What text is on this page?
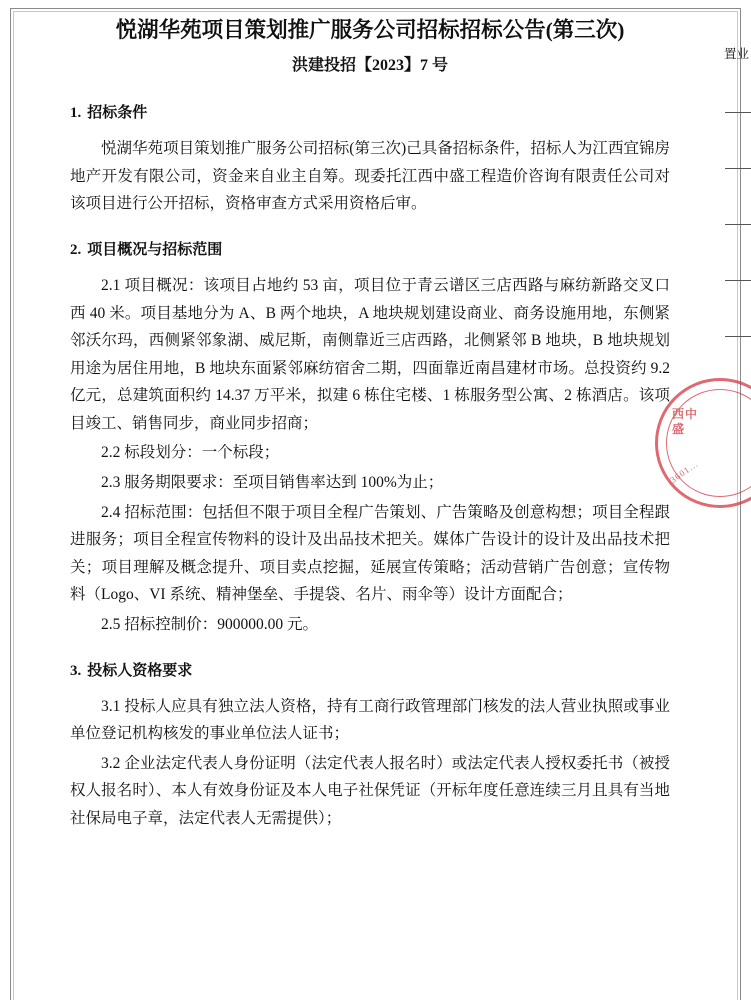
置业
西中盛
3601...
悦湖华苑项目策划推广服务公司招标招标公告(第三次)
洪建投招【2023】7 号
1. 招标条件

悦湖华苑项目策划推广服务公司招标(第三次)己具备招标条件，招标人为江西宜锦房地产开发有限公司，资金来自业主自筹。现委托江西中盛工程造价咨询有限责任公司对该项目进行公开招标，资格审查方式采用资格后审。

2. 项目概况与招标范围

2.1 项目概况：该项目占地约 53 亩，项目位于青云谱区三店西路与麻纺新路交叉口西 40 米。项目基地分为 A、B 两个地块，A 地块规划建设商业、商务设施用地，东侧紧邻沃尔玛，西侧紧邻象湖、威尼斯，南侧靠近三店西路，北侧紧邻 B 地块，B 地块规划用途为居住用地，B 地块东面紧邻麻纺宿舍二期，四面靠近南昌建材市场。总投资约 9.2 亿元，总建筑面积约 14.37 万平米，拟建 6 栋住宅楼、1 栋服务型公寓、2 栋酒店。该项目竣工、销售同步，商业同步招商；

2.2 标段划分：一个标段；

2.3 服务期限要求：至项目销售率达到 100%为止；

2.4 招标范围：包括但不限于项目全程广告策划、广告策略及创意构想；项目全程跟进服务；项目全程宣传物料的设计及出品技术把关。媒体广告设计的设计及出品技术把关；项目理解及概念提升、项目卖点挖掘，延展宣传策略；活动营销广告创意；宣传物料（Logo、VI 系统、精神堡垒、手提袋、名片、雨伞等）设计方面配合；

2.5 招标控制价：900000.00 元。

3. 投标人资格要求

3.1 投标人应具有独立法人资格，持有工商行政管理部门核发的法人营业执照或事业单位登记机构核发的事业单位法人证书；

3.2 企业法定代表人身份证明（法定代表人报名时）或法定代表人授权委托书（被授权人报名时）、本人有效身份证及本人电子社保凭证（开标年度任意连续三月且具有当地社保局电子章，法定代表人无需提供）；
